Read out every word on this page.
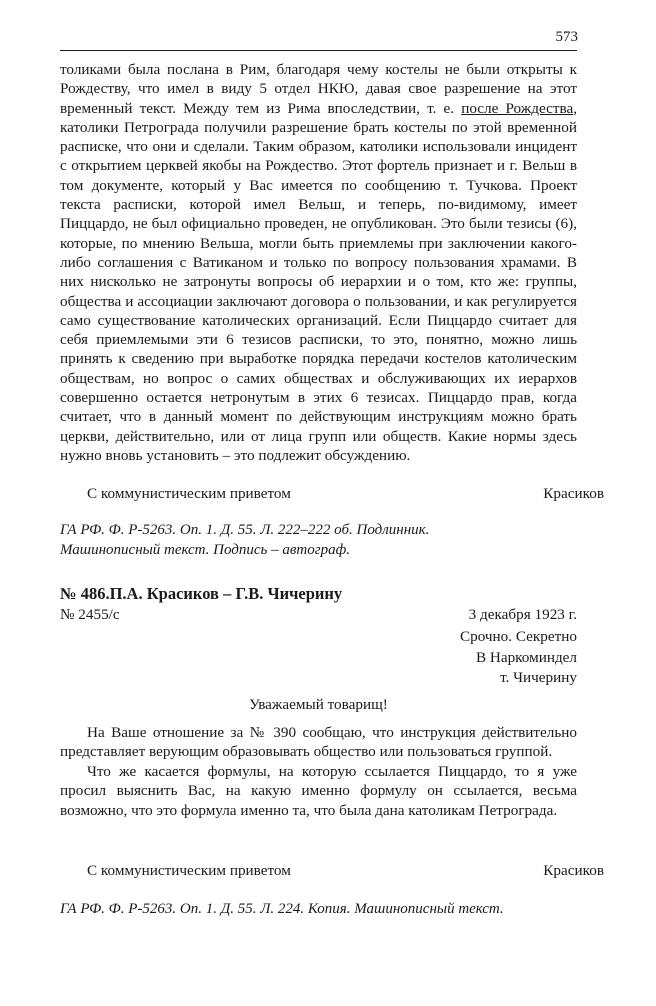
573

толиками была послана в Рим, благодаря чему костелы не были открыты к Рождеству, что имел в виду 5 отдел НКЮ, давая свое разрешение на этот временный текст. Между тем из Рима впоследствии, т. е. после Рождества, католики Петрограда получили разрешение брать костелы по этой временной расписке, что они и сделали. Таким образом, католики использовали инцидент с открытием церквей якобы на Рождество. Этот фортель признает и г. Вельш в том документе, который у Вас имеется по сообщению т. Тучкова. Проект текста расписки, которой имел Вельш, и теперь, по-видимому, имеет Пиццардо, не был официально проведен, не опубликован. Это были тезисы (6), которые, по мнению Вельша, могли быть приемлемы при заключении какого-либо соглашения с Ватиканом и только по вопросу пользования храмами. В них нисколько не затронуты вопросы об иерархии и о том, кто же: группы, общества и ассоциации заключают договора о пользовании, и как регулируется само существование католических организаций. Если Пиццардо считает для себя приемлемыми эти 6 тезисов расписки, то это, понятно, можно лишь принять к сведению при выработке порядка передачи костелов католическим обществам, но вопрос о самих обществах и обслуживающих их иерархов совершенно остается нетронутым в этих 6 тезисах. Пиццардо прав, когда считает, что в данный момент по действующим инструкциям можно брать церкви, действительно, или от лица групп или обществ. Какие нормы здесь нужно вновь установить – это подлежит обсуждению.

С коммунистическим приветом	Красиков

ГА РФ. Ф. Р-5263. Оп. 1. Д. 55. Л. 222–222 об. Подлинник.

Машинописный текст. Подпись – автограф.

№ 486.П.А. Красиков – Г.В. Чичерину

№ 2455/с	3 декабря 1923 г.
Срочно. Секретно
В Наркоминдел
т. Чичерину
Уважаемый товарищ!

На Ваше отношение за № 390 сообщаю, что инструкция действительно представляет верующим образовывать общество или пользоваться группой.

Что же касается формулы, на которую ссылается Пиццардо, то я уже просил выяснить Вас, на какую именно формулу он ссылается, весьма возможно, что это формула именно та, что была дана католикам Петрограда.

С коммунистическим приветом	Красиков

ГА РФ. Ф. Р-5263. Оп. 1. Д. 55. Л. 224. Копия. Машинописный текст.
